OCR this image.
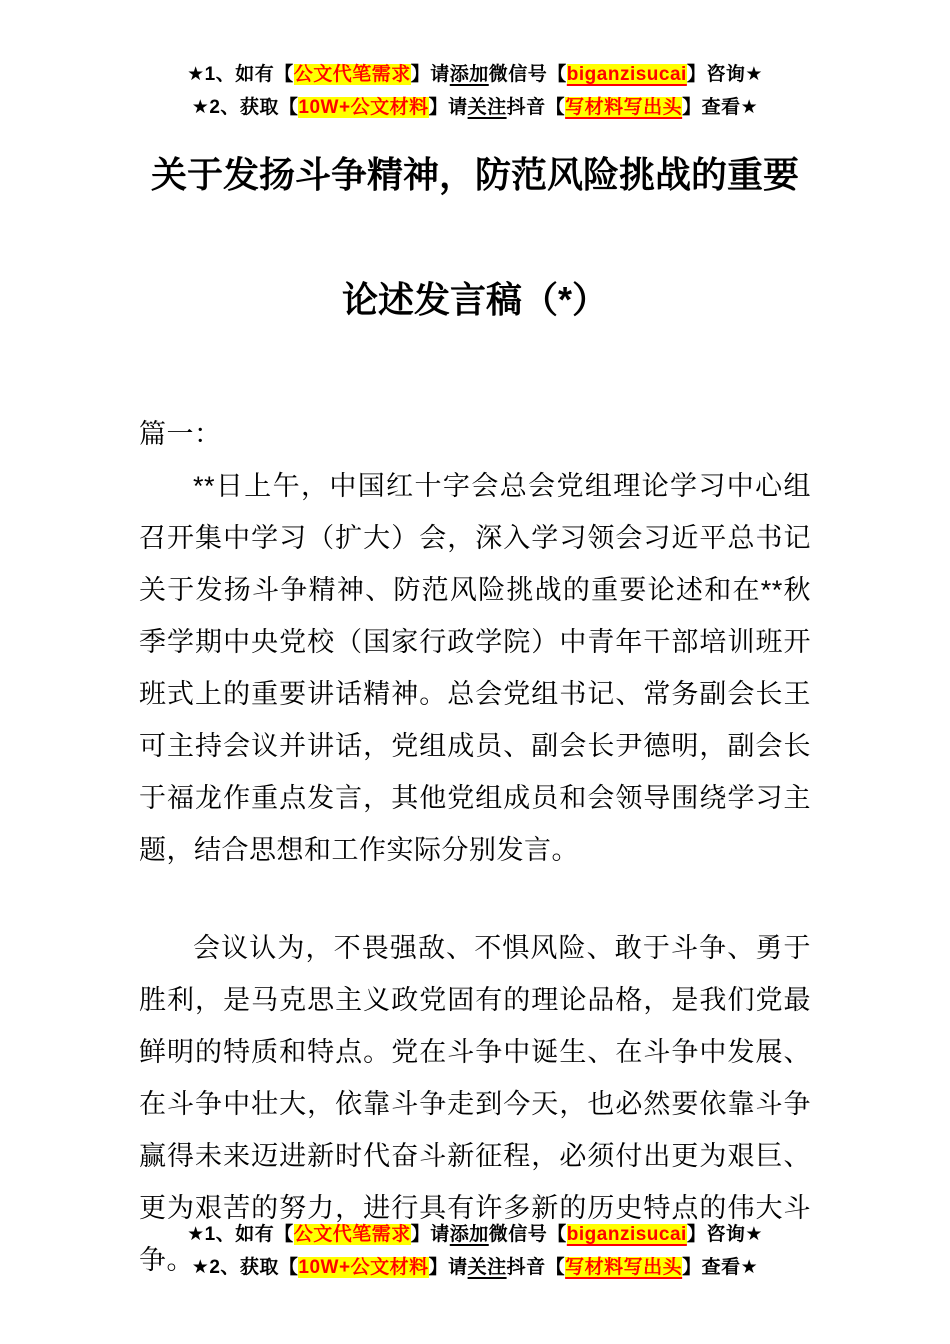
★1、如有【公文代笔需求】请添加微信号【biganzisucai】咨询★
★2、获取【10W+公文材料】请关注抖音【写材料写出头】查看★
关于发扬斗争精神，防范风险挑战的重要
论述发言稿（*）

篇一：

**日上午，中国红十字会总会党组理论学习中心组召开集中学习（扩大）会，深入学习领会习近平总书记关于发扬斗争精神、防范风险挑战的重要论述和在**秋季学期中央党校（国家行政学院）中青年干部培训班开班式上的重要讲话精神。总会党组书记、常务副会长王可主持会议并讲话，党组成员、副会长尹德明，副会长于福龙作重点发言，其他党组成员和会领导围绕学习主题，结合思想和工作实际分别发言。

会议认为，不畏强敌、不惧风险、敢于斗争、勇于胜利，是马克思主义政党固有的理论品格，是我们党最鲜明的特质和特点。党在斗争中诞生、在斗争中发展、在斗争中壮大，依靠斗争走到今天，也必然要依靠斗争赢得未来迈进新时代奋斗新征程，必须付出更为艰巨、更为艰苦的努力，进行具有许多新的历史特点的伟大斗争。

★1、如有【公文代笔需求】请添加微信号【biganzisucai】咨询★
★2、获取【10W+公文材料】请关注抖音【写材料写出头】查看★
